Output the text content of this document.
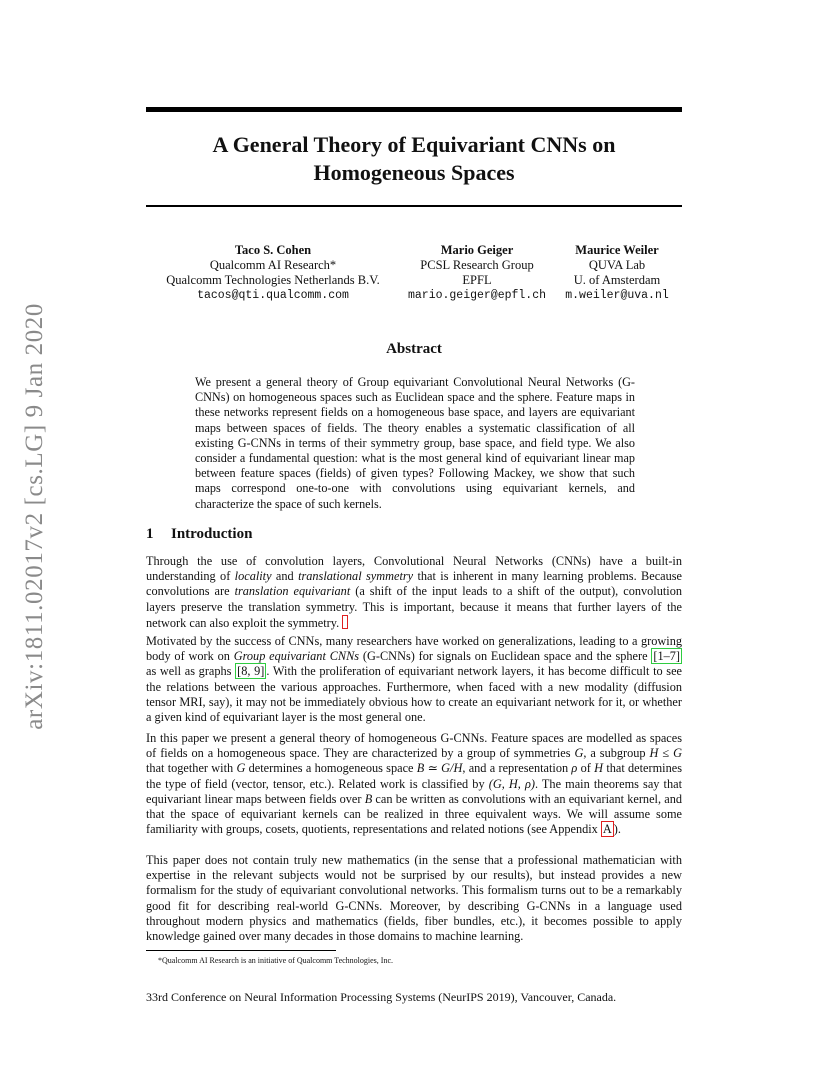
arXiv:1811.02017v2 [cs.LG] 9 Jan 2020
A General Theory of Equivariant CNNs on
Homogeneous Spaces
Taco S. Cohen
Qualcomm AI Research*
Qualcomm Technologies Netherlands B.V.
tacos@qti.qualcomm.com
Mario Geiger
PCSL Research Group
EPFL
mario.geiger@epfl.ch
Maurice Weiler
QUVA Lab
U. of Amsterdam
m.weiler@uva.nl
Abstract

We present a general theory of Group equivariant Convolutional Neural Networks (G-CNNs) on homogeneous spaces such as Euclidean space and the sphere. Feature maps in these networks represent fields on a homogeneous base space, and layers are equivariant maps between spaces of fields. The theory enables a systematic classification of all existing G-CNNs in terms of their symmetry group, base space, and field type. We also consider a fundamental question: what is the most general kind of equivariant linear map between feature spaces (fields) of given types? Following Mackey, we show that such maps correspond one-to-one with convolutions using equivariant kernels, and characterize the space of such kernels.

1 Introduction

Through the use of convolution layers, Convolutional Neural Networks (CNNs) have a built-in understanding of locality and translational symmetry that is inherent in many learning problems. Because convolutions are translation equivariant (a shift of the input leads to a shift of the output), convolution layers preserve the translation symmetry. This is important, because it means that further layers of the network can also exploit the symmetry.

Motivated by the success of CNNs, many researchers have worked on generalizations, leading to a growing body of work on Group equivariant CNNs (G-CNNs) for signals on Euclidean space and the sphere [1–7] as well as graphs [8, 9] . With the proliferation of equivariant network layers, it has become difficult to see the relations between the various approaches. Furthermore, when faced with a new modality (diffusion tensor MRI, say), it may not be immediately obvious how to create an equivariant network for it, or whether a given kind of equivariant layer is the most general one.

In this paper we present a general theory of homogeneous G-CNNs. Feature spaces are modelled as spaces of fields on a homogeneous space. They are characterized by a group of symmetries G, a subgroup H ≤ G that together with G determines a homogeneous space B ≃ G/H, and a representation ρ of H that determines the type of field (vector, tensor, etc.). Related work is classified by (G, H, ρ). The main theorems say that equivariant linear maps between fields over B can be written as convolutions with an equivariant kernel, and that the space of equivariant kernels can be realized in three equivalent ways. We will assume some familiarity with groups, cosets, quotients, representations and related notions (see Appendix A ).

This paper does not contain truly new mathematics (in the sense that a professional mathematician with expertise in the relevant subjects would not be surprised by our results), but instead provides a new formalism for the study of equivariant convolutional networks. This formalism turns out to be a remarkably good fit for describing real-world G-CNNs. Moreover, by describing G-CNNs in a language used throughout modern physics and mathematics (fields, fiber bundles, etc.), it becomes possible to apply knowledge gained over many decades in those domains to machine learning.

*Qualcomm AI Research is an initiative of Qualcomm Technologies, Inc.
33rd Conference on Neural Information Processing Systems (NeurIPS 2019), Vancouver, Canada.
